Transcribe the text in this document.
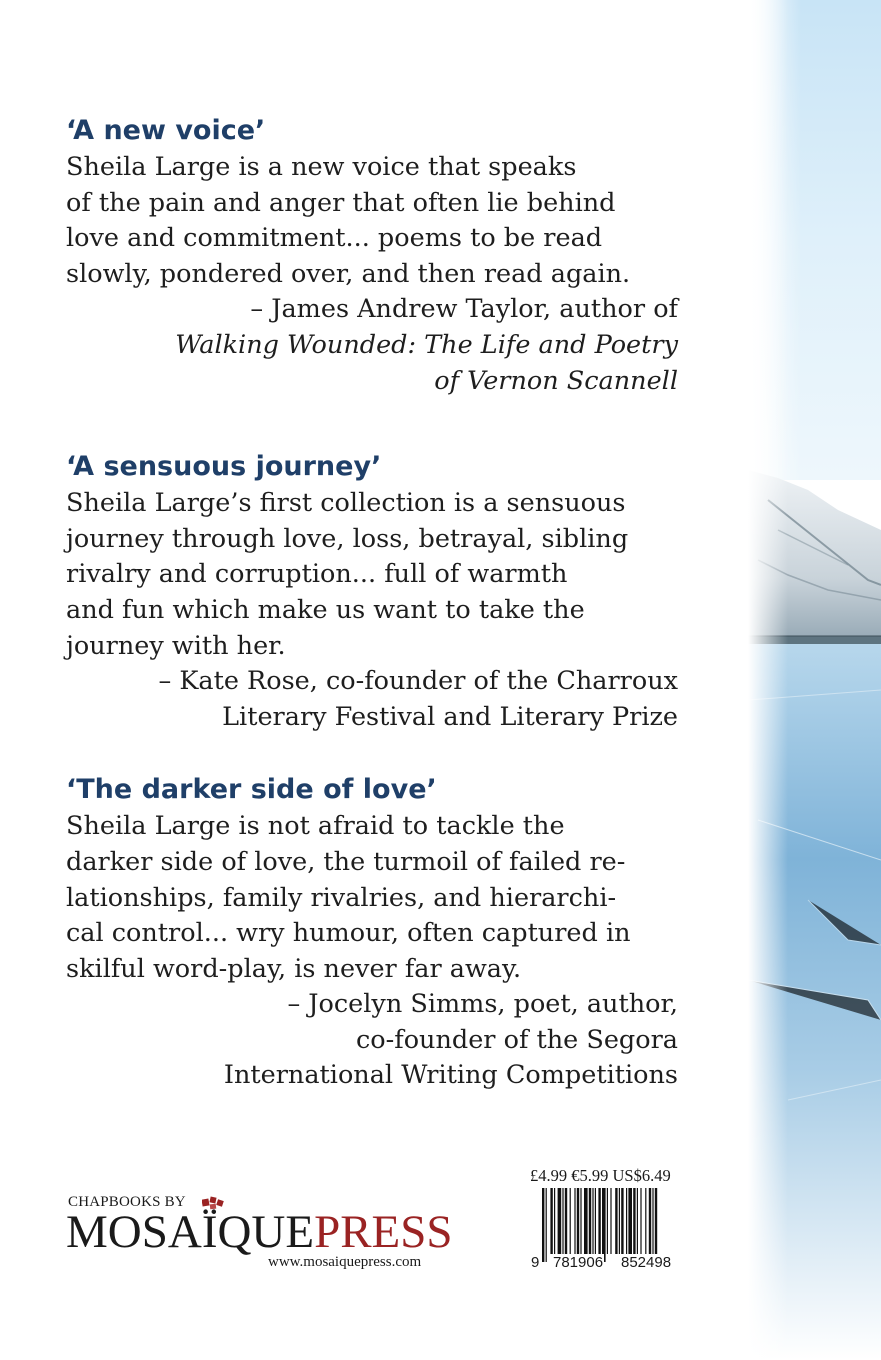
‘A new voice’

Sheila Large is a new voice that speaks
of the pain and anger that often lie behind
love and commitment... poems to be read
slowly, pondered over, and then read again.

– James Andrew Taylor, author of
Walking Wounded: The Life and Poetry
of Vernon Scannell
‘A sensuous journey’

Sheila Large’s first collection is a sensuous
journey through love, loss, betrayal, sibling
rivalry and corruption... full of warmth
and fun which make us want to take the
journey with her.

– Kate Rose, co-founder of the Charroux
Literary Festival and Literary Prize
‘The darker side of love’

Sheila Large is not afraid to tackle the
darker side of love, the turmoil of failed re-
lationships, family rivalries, and hierarchi-
cal control... wry humour, often captured in
skilful word-play, is never far away.

– Jocelyn Simms, poet, author,
co-founder of the Segora
International Writing Competitions
CHAPBOOKS BY
MOSAÏQUEPRESS
www.mosaiquepress.com
£4.99 €5.99 US$6.49
9 781906 852498
